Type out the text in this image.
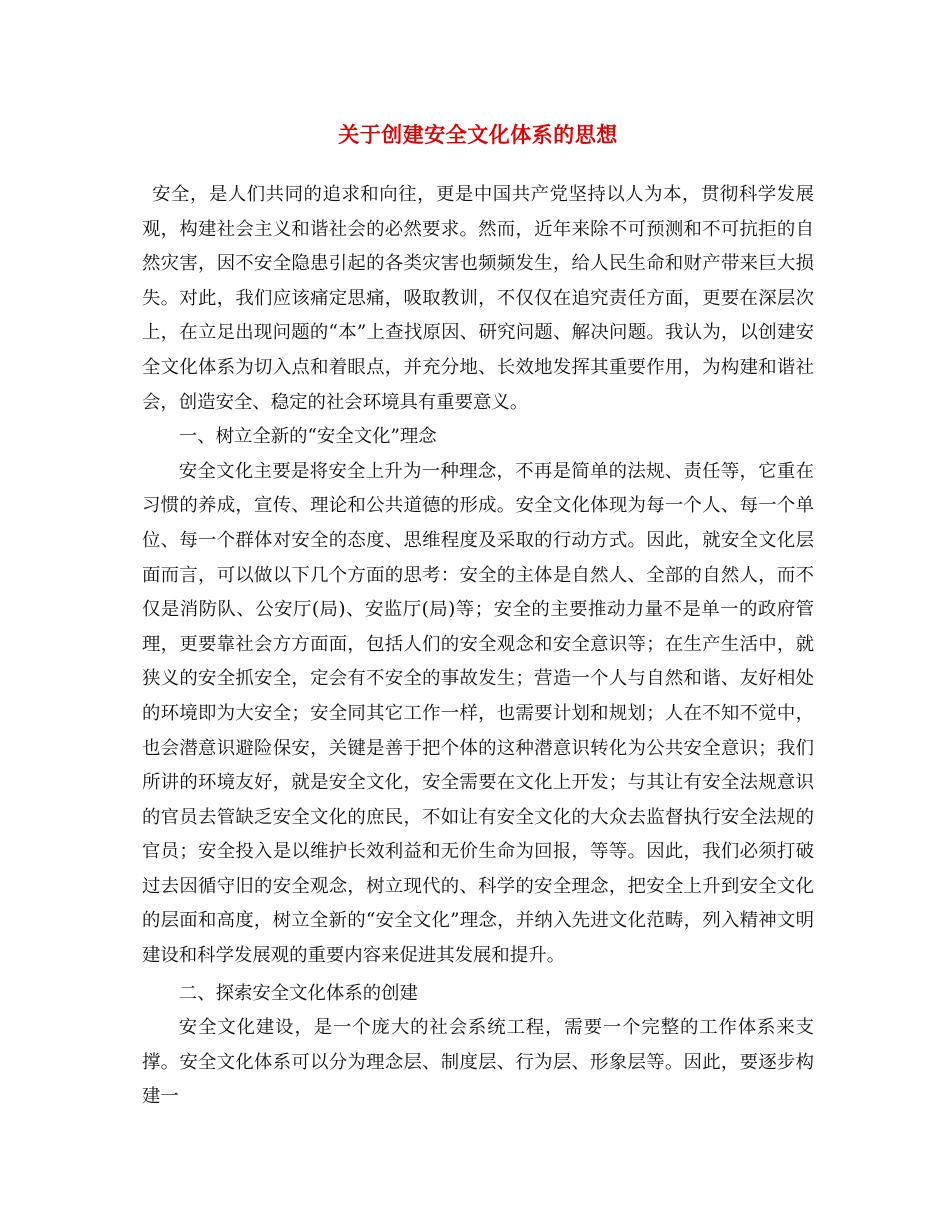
关于创建安全文化体系的思想

安全，是人们共同的追求和向往，更是中国共产党坚持以人为本，贯彻科学发展观，构建社会主义和谐社会的必然要求。然而，近年来除不可预测和不可抗拒的自然灾害，因不安全隐患引起的各类灾害也频频发生，给人民生命和财产带来巨大损失。对此，我们应该痛定思痛，吸取教训，不仅仅在追究责任方面，更要在深层次上，在立足出现问题的“本”上查找原因、研究问题、解决问题。我认为，以创建安全文化体系为切入点和着眼点，并充分地、长效地发挥其重要作用，为构建和谐社会，创造安全、稳定的社会环境具有重要意义。

一、树立全新的“安全文化”理念

安全文化主要是将安全上升为一种理念，不再是简单的法规、责任等，它重在习惯的养成，宣传、理论和公共道德的形成。安全文化体现为每一个人、每一个单位、每一个群体对安全的态度、思维程度及采取的行动方式。因此，就安全文化层面而言，可以做以下几个方面的思考：安全的主体是自然人、全部的自然人，而不仅是消防队、公安厅(局)、安监厅(局)等；安全的主要推动力量不是单一的政府管理，更要靠社会方方面面，包括人们的安全观念和安全意识等；在生产生活中，就狭义的安全抓安全，定会有不安全的事故发生；营造一个人与自然和谐、友好相处的环境即为大安全；安全同其它工作一样，也需要计划和规划；人在不知不觉中，也会潜意识避险保安，关键是善于把个体的这种潜意识转化为公共安全意识；我们所讲的环境友好，就是安全文化，安全需要在文化上开发；与其让有安全法规意识的官员去管缺乏安全文化的庶民，不如让有安全文化的大众去监督执行安全法规的官员；安全投入是以维护长效利益和无价生命为回报，等等。因此，我们必须打破过去因循守旧的安全观念，树立现代的、科学的安全理念，把安全上升到安全文化的层面和高度，树立全新的“安全文化”理念，并纳入先进文化范畴，列入精神文明建设和科学发展观的重要内容来促进其发展和提升。

二、探索安全文化体系的创建

安全文化建设，是一个庞大的社会系统工程，需要一个完整的工作体系来支撑。安全文化体系可以分为理念层、制度层、行为层、形象层等。因此，要逐步构建一
